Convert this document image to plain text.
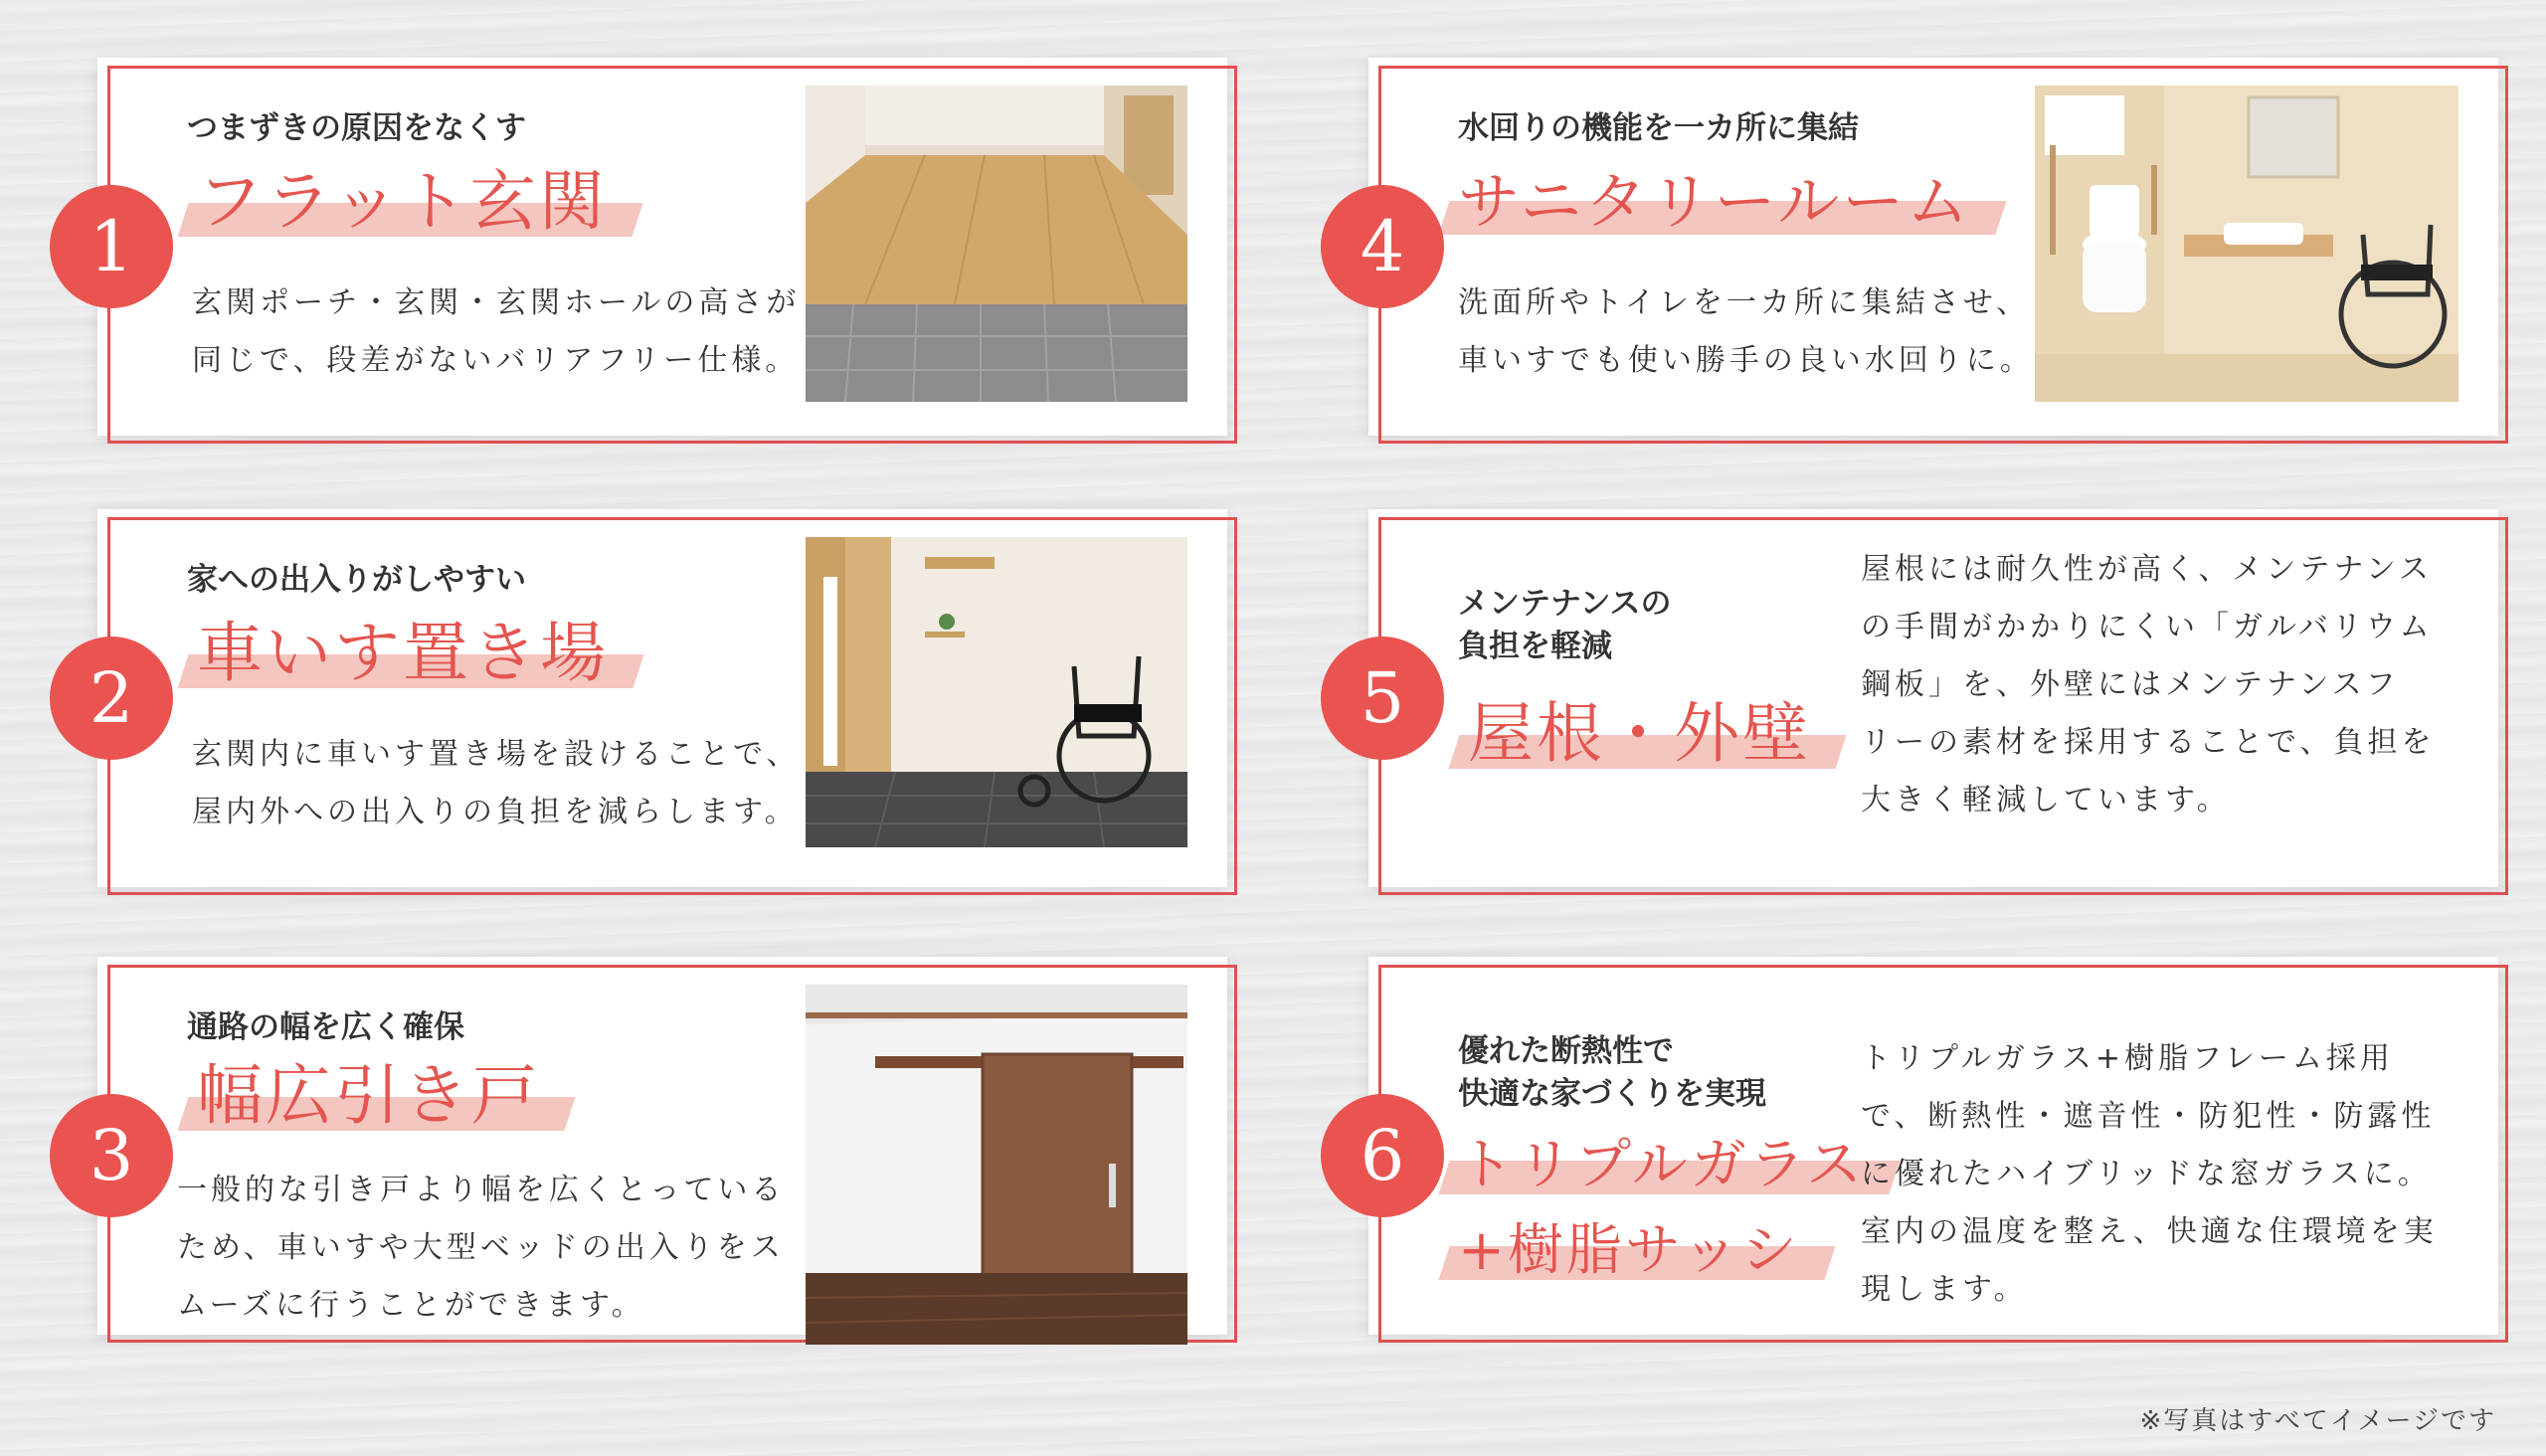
1

つまずきの原因をなくす

フラット玄関

玄関ポーチ・玄関・玄関ホールの高さが
同じで、段差がないバリアフリー仕様。

2

家への出入りがしやすい

車いす置き場

玄関内に車いす置き場を設けることで、
屋内外への出入りの負担を減らします。

3

通路の幅を広く確保

幅広引き戸

一般的な引き戸より幅を広くとっている
ため、車いすや大型ベッドの出入りをス
ムーズに行うことができます。

4

水回りの機能を一カ所に集結

サニタリールーム

洗面所やトイレを一カ所に集結させ、
車いすでも使い勝手の良い水回りに。

5

メンテナンスの
負担を軽減

屋根・外壁

屋根には耐久性が高く、メンテナンス
の手間がかかりにくい「ガルバリウム
鋼板」を、外壁にはメンテナンスフ
リーの素材を採用することで、負担を
大きく軽減しています。

6

優れた断熱性で
快適な家づくりを実現

トリプルガラス
+樹脂サッシ

トリプルガラス+樹脂フレーム採用
で、断熱性・遮音性・防犯性・防露性
に優れたハイブリッドな窓ガラスに。
室内の温度を整え、快適な住環境を実
現します。

※写真はすべてイメージです
